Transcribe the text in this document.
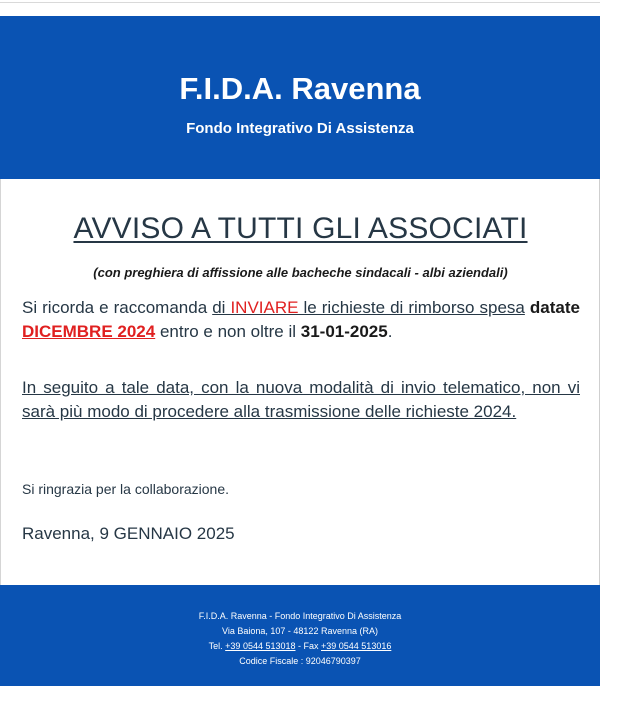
F.I.D.A. Ravenna
Fondo Integrativo Di Assistenza
AVVISO A TUTTI GLI ASSOCIATI
(con preghiera di affissione alle bacheche sindacali - albi aziendali)
Si ricorda e raccomanda di INVIARE le richieste di rimborso spesa datate DICEMBRE 2024 entro e non oltre il 31-01-2025.
In seguito a tale data, con la nuova modalità di invio telematico, non vi sarà più modo di procedere alla trasmissione delle richieste 2024.
Si ringrazia per la collaborazione.
Ravenna, 9 GENNAIO 2025
F.I.D.A. Ravenna - Fondo Integrativo Di Assistenza
Via Baiona, 107 - 48122 Ravenna (RA)
Tel. +39 0544 513018 - Fax +39 0544 513016
Codice Fiscale : 92046790397
